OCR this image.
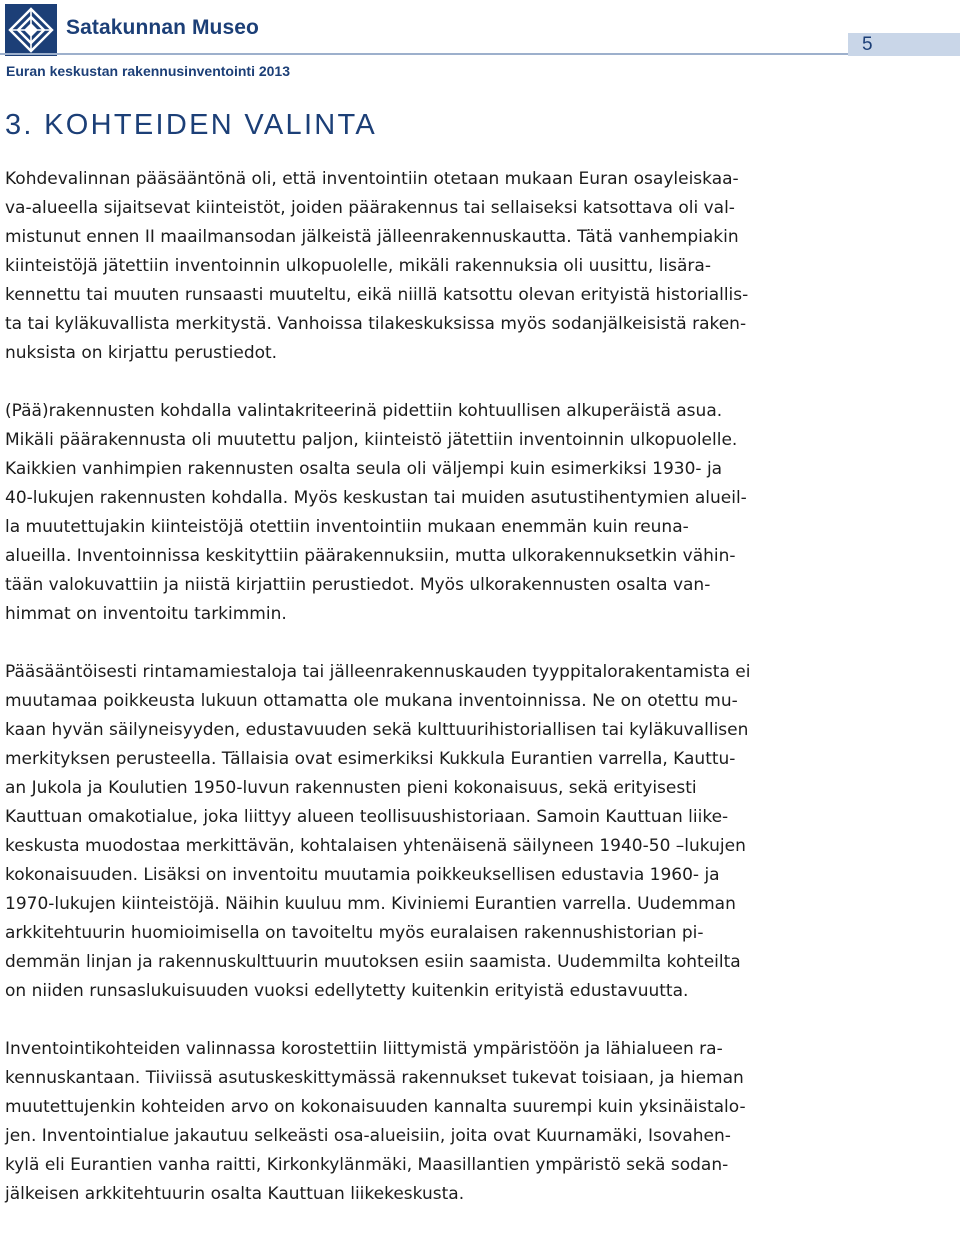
Satakunnan Museo
5
Euran keskustan rakennusinventointi 2013
3. KOHTEIDEN VALINTA
Kohdevalinnan pääsääntönä oli, että inventointiin otetaan mukaan Euran osayleiskaa-
va-alueella sijaitsevat kiinteistöt, joiden päärakennus tai sellaiseksi katsottava oli val-
mistunut ennen II maailmansodan jälkeistä jälleenrakennuskautta. Tätä vanhempiakin
kiinteistöjä jätettiin inventoinnin ulkopuolelle, mikäli rakennuksia oli uusittu, lisära-
kennettu tai muuten runsaasti muuteltu, eikä niillä katsottu olevan erityistä historiallis-
ta tai kyläkuvallista merkitystä. Vanhoissa tilakeskuksissa myös sodanjälkeisistä raken-
nuksista on kirjattu perustiedot.
(Pää)rakennusten kohdalla valintakriteerinä pidettiin kohtuullisen alkuperäistä asua.
Mikäli päärakennusta oli muutettu paljon, kiinteistö jätettiin inventoinnin ulkopuolelle.
Kaikkien vanhimpien rakennusten osalta seula oli väljempi kuin esimerkiksi 1930- ja
40-lukujen rakennusten kohdalla. Myös keskustan tai muiden asutustihentymien alueil-
la muutettujakin kiinteistöjä otettiin inventointiin mukaan enemmän kuin reuna-
alueilla. Inventoinnissa keskityttiin päärakennuksiin, mutta ulkorakennuksetkin vähin-
tään valokuvattiin ja niistä kirjattiin perustiedot. Myös ulkorakennusten osalta van-
himmat on inventoitu tarkimmin.
Pääsääntöisesti rintamamiestaloja tai jälleenrakennuskauden tyyppitalorakentamista ei
muutamaa poikkeusta lukuun ottamatta ole mukana inventoinnissa. Ne on otettu mu-
kaan hyvän säilyneisyyden, edustavuuden sekä kulttuurihistoriallisen tai kyläkuvallisen
merkityksen perusteella. Tällaisia ovat esimerkiksi Kukkula Eurantien varrella, Kauttu-
an Jukola ja Koulutien 1950-luvun rakennusten pieni kokonaisuus, sekä erityisesti
Kauttuan omakotialue, joka liittyy alueen teollisuushistoriaan. Samoin Kauttuan liike-
keskusta muodostaa merkittävän, kohtalaisen yhtenäisenä säilyneen 1940-50 –lukujen
kokonaisuuden. Lisäksi on inventoitu muutamia poikkeuksellisen edustavia 1960- ja
1970-lukujen kiinteistöjä. Näihin kuuluu mm. Kiviniemi Eurantien varrella. Uudemman
arkkitehtuurin huomioimisella on tavoiteltu myös euralaisen rakennushistorian pi-
demmän linjan ja rakennuskulttuurin muutoksen esiin saamista. Uudemmilta kohteilta
on niiden runsaslukuisuuden vuoksi edellytetty kuitenkin erityistä edustavuutta.
Inventointikohteiden valinnassa korostettiin liittymistä ympäristöön ja lähialueen ra-
kennuskantaan. Tiiviissä asutuskeskittymässä rakennukset tukevat toisiaan, ja hieman
muutettujenkin kohteiden arvo on kokonaisuuden kannalta suurempi kuin yksinäistalo-
jen. Inventointialue jakautuu selkeästi osa-alueisiin, joita ovat Kuurnamäki, Isovahen-
kylä eli Eurantien vanha raitti, Kirkonkylänmäki, Maasillantien ympäristö sekä sodan-
jälkeisen arkkitehtuurin osalta Kauttuan liikekeskusta.
